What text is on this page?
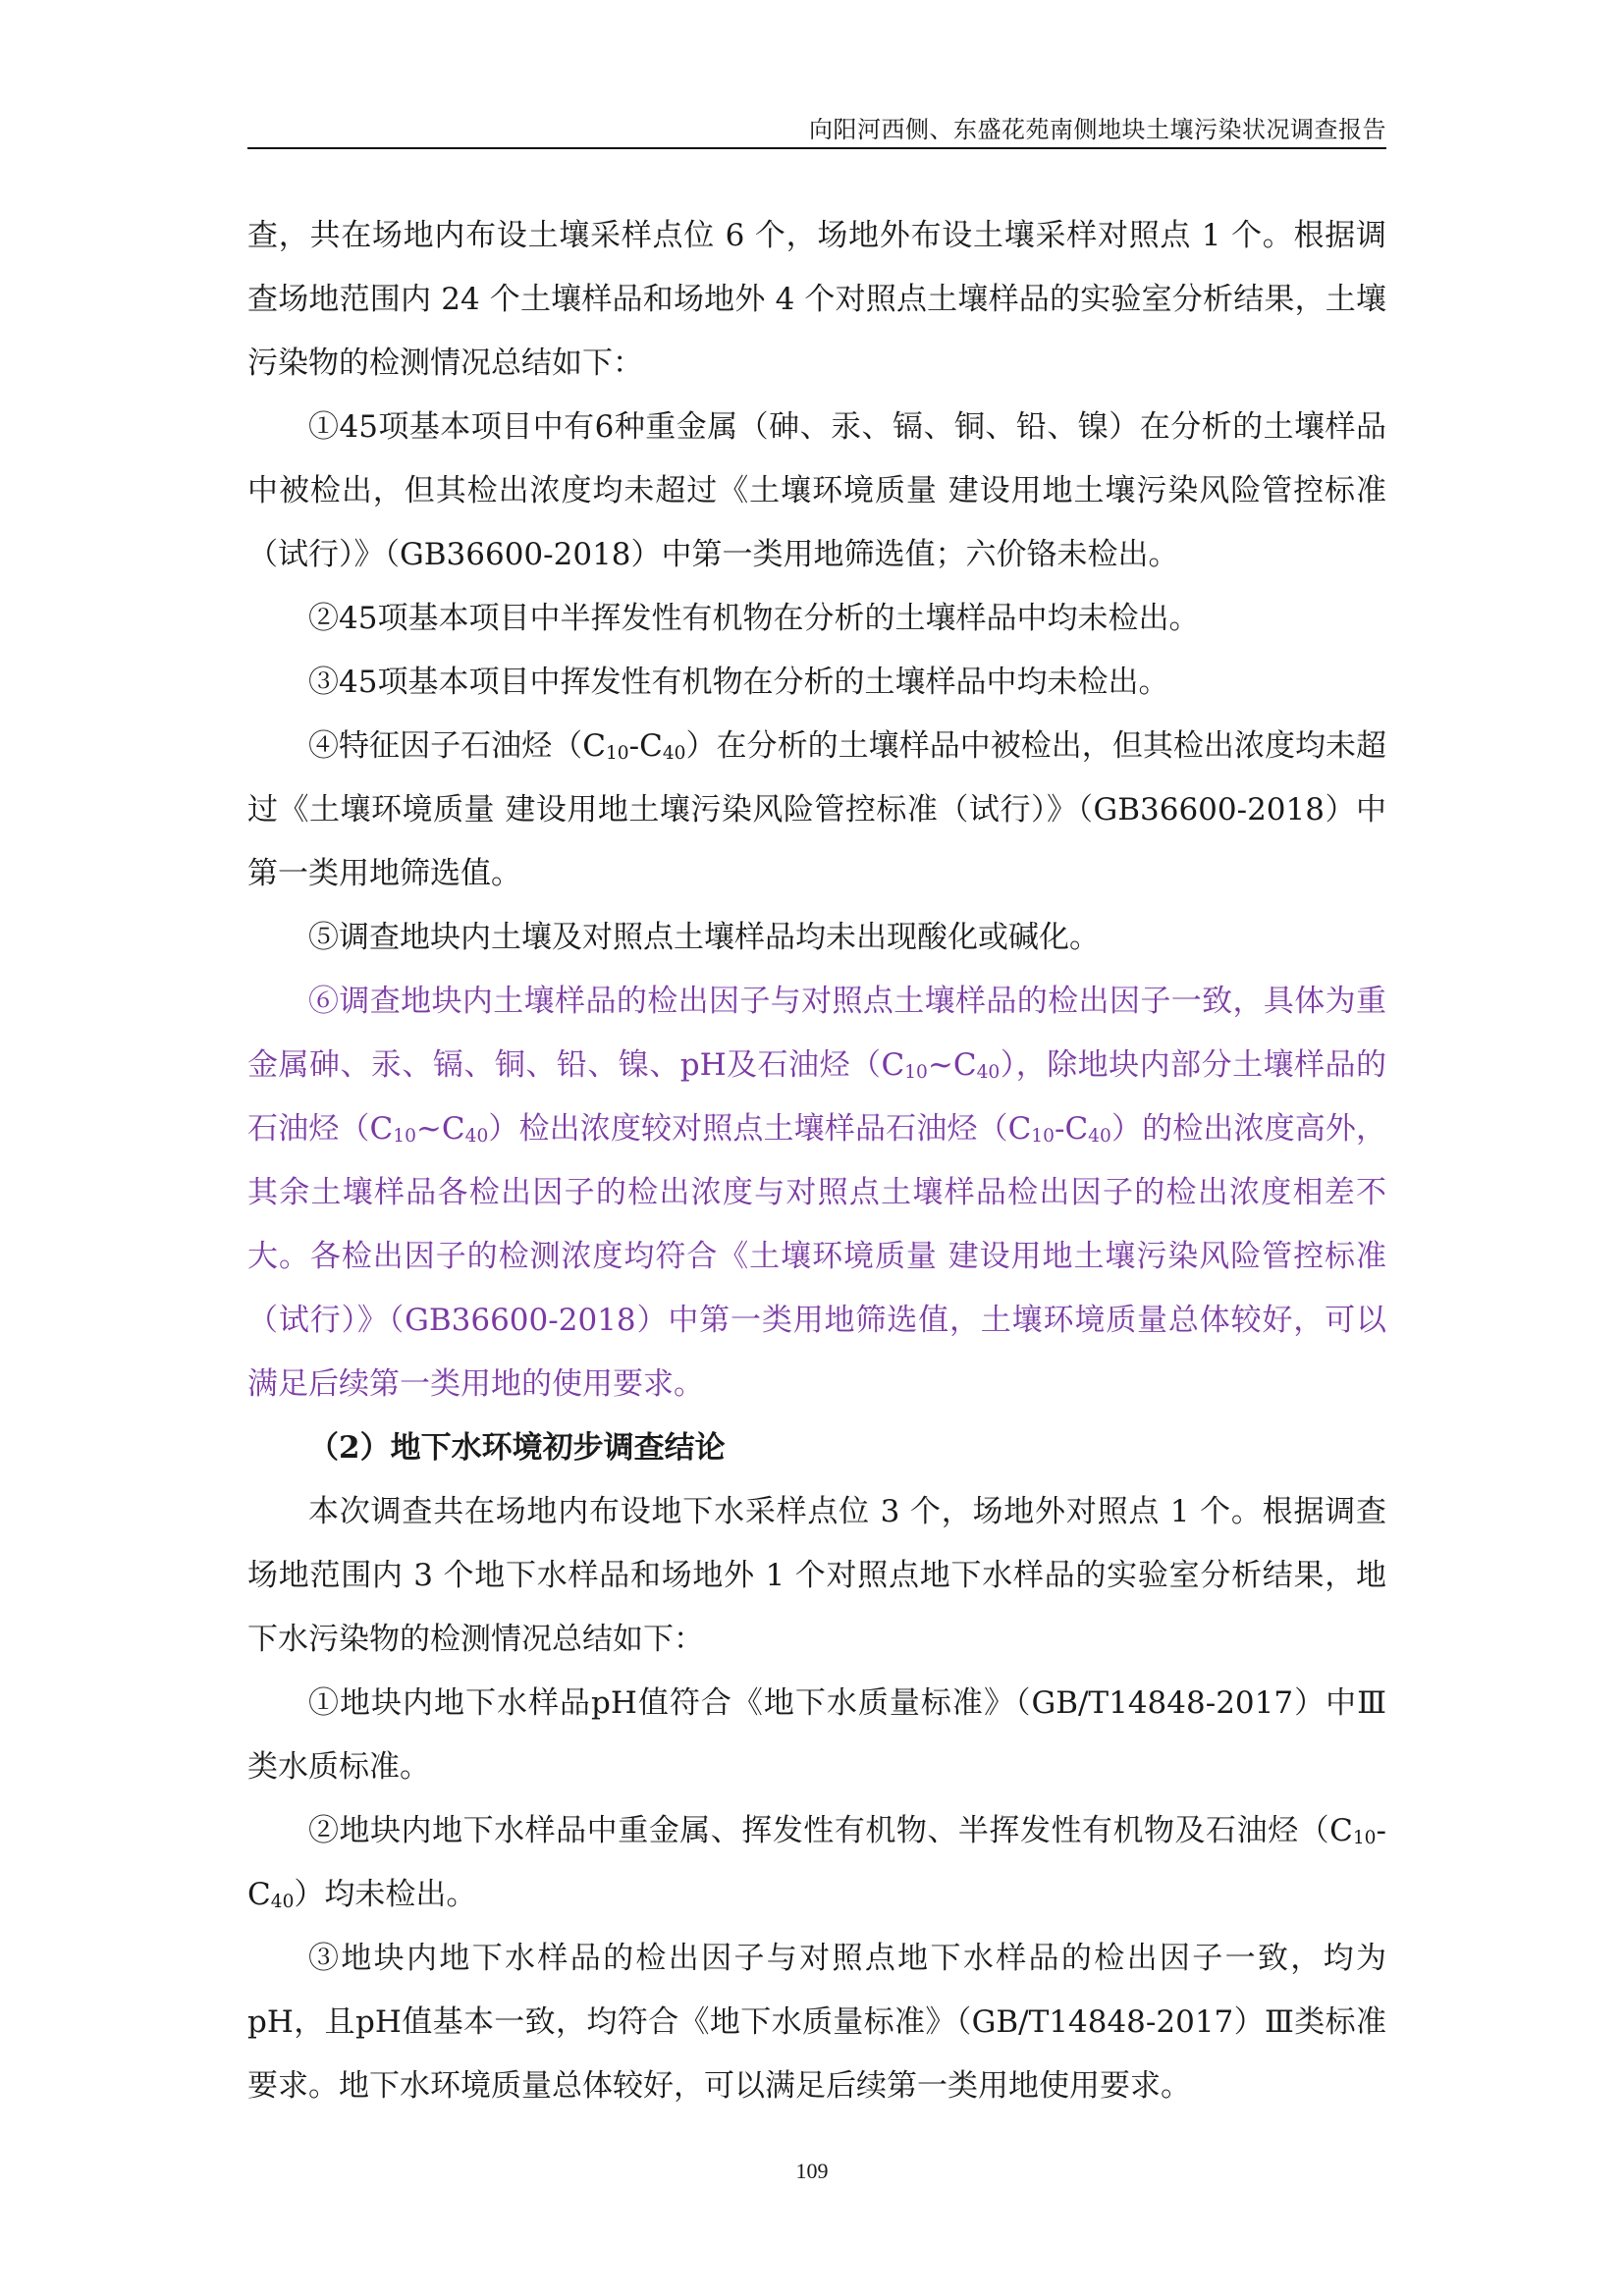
向阳河西侧、东盛花苑南侧地块土壤污染状况调查报告

查，共在场地内布设土壤采样点位 6 个，场地外布设土壤采样对照点 1 个。根据调查场地范围内 24 个土壤样品和场地外 4 个对照点土壤样品的实验室分析结果，土壤污染物的检测情况总结如下：

①45项基本项目中有6种重金属（砷、汞、镉、铜、铅、镍）在分析的土壤样品中被检出，但其检出浓度均未超过《土壤环境质量 建设用地土壤污染风险管控标准（试行）》（GB36600-2018）中第一类用地筛选值；六价铬未检出。

②45项基本项目中半挥发性有机物在分析的土壤样品中均未检出。

③45项基本项目中挥发性有机物在分析的土壤样品中均未检出。

④特征因子石油烃$(C_{10}-C_{40})$在分析的土壤样品中被检出，但其检出浓度均未超过《土壤环境质量 建设用地土壤污染风险管控标准（试行）》（GB36600-2018）中第一类用地筛选值。

⑤调查地块内土壤及对照点土壤样品均未出现酸化或碱化。

⑥调查地块内土壤样品的检出因子与对照点土壤样品的检出因子一致，具体为重金属砷、汞、镉、铜、铅、镍、pH及石油烃$(C_{10}\sim C_{40})$，除地块内部分土壤样品的石油烃$(C_{10}\sim C_{40})$检出浓度较对照点土壤样品石油烃$(C_{10}-C_{40})$的检出浓度高外，其余土壤样品各检出因子的检出浓度与对照点土壤样品检出因子的检出浓度相差不大。各检出因子的检测浓度均符合《土壤环境质量 建设用地土壤污染风险管控标准（试行）》（GB36600-2018）中第一类用地筛选值，土壤环境质量总体较好，可以满足后续第一类用地的使用要求。

（2）地下水环境初步调查结论

本次调查共在场地内布设地下水采样点位 3 个，场地外对照点 1 个。根据调查场地范围内 3 个地下水样品和场地外 1 个对照点地下水样品的实验室分析结果，地下水污染物的检测情况总结如下：

①地块内地下水样品pH值符合《地下水质量标准》（GB/T14848-2017）中Ⅲ类水质标准。

②地块内地下水样品中重金属、挥发性有机物、半挥发性有机物及石油烃$(C_{10}-C_{40})$均未检出。

③地块内地下水样品的检出因子与对照点地下水样品的检出因子一致，均为pH，且pH值基本一致，均符合《地下水质量标准》（GB/T14848-2017）Ⅲ类标准要求。地下水环境质量总体较好，可以满足后续第一类用地使用要求。

109
